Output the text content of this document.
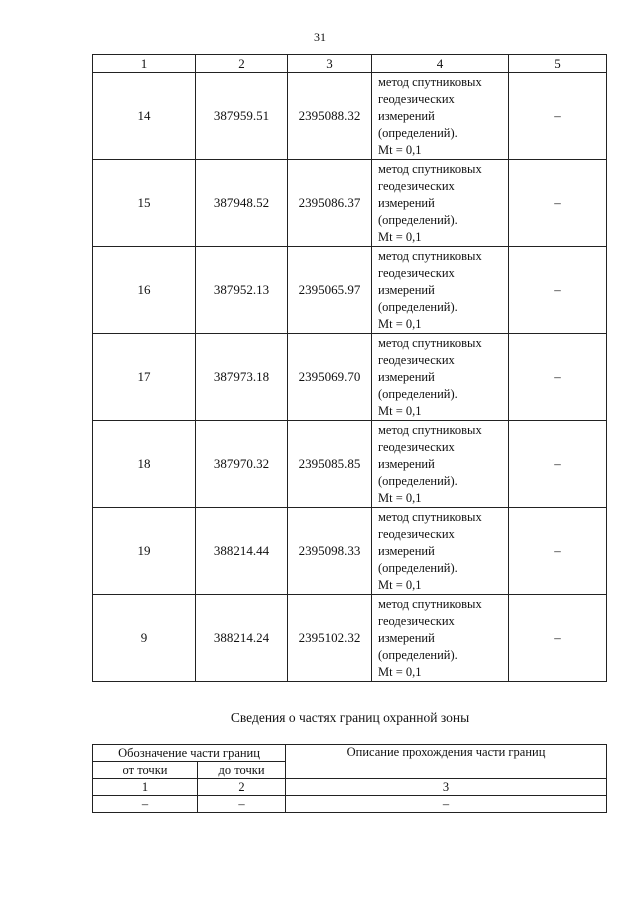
31
1	2	3	4	5
14	387959.51	2395088.32	метод спутниковых
геодезических
измерений
(определений).
Mt = 0,1	–
15	387948.52	2395086.37	метод спутниковых
геодезических
измерений
(определений).
Mt = 0,1	–
16	387952.13	2395065.97	метод спутниковых
геодезических
измерений
(определений).
Mt = 0,1	–
17	387973.18	2395069.70	метод спутниковых
геодезических
измерений
(определений).
Mt = 0,1	–
18	387970.32	2395085.85	метод спутниковых
геодезических
измерений
(определений).
Mt = 0,1	–
19	388214.44	2395098.33	метод спутниковых
геодезических
измерений
(определений).
Mt = 0,1	–
9	388214.24	2395102.32	метод спутниковых
геодезических
измерений
(определений).
Mt = 0,1	–
Сведения о частях границ охранной зоны
Обозначение части границ		Описание прохождения части границ
от точки	до точки	
1	2	3
–	–	–
